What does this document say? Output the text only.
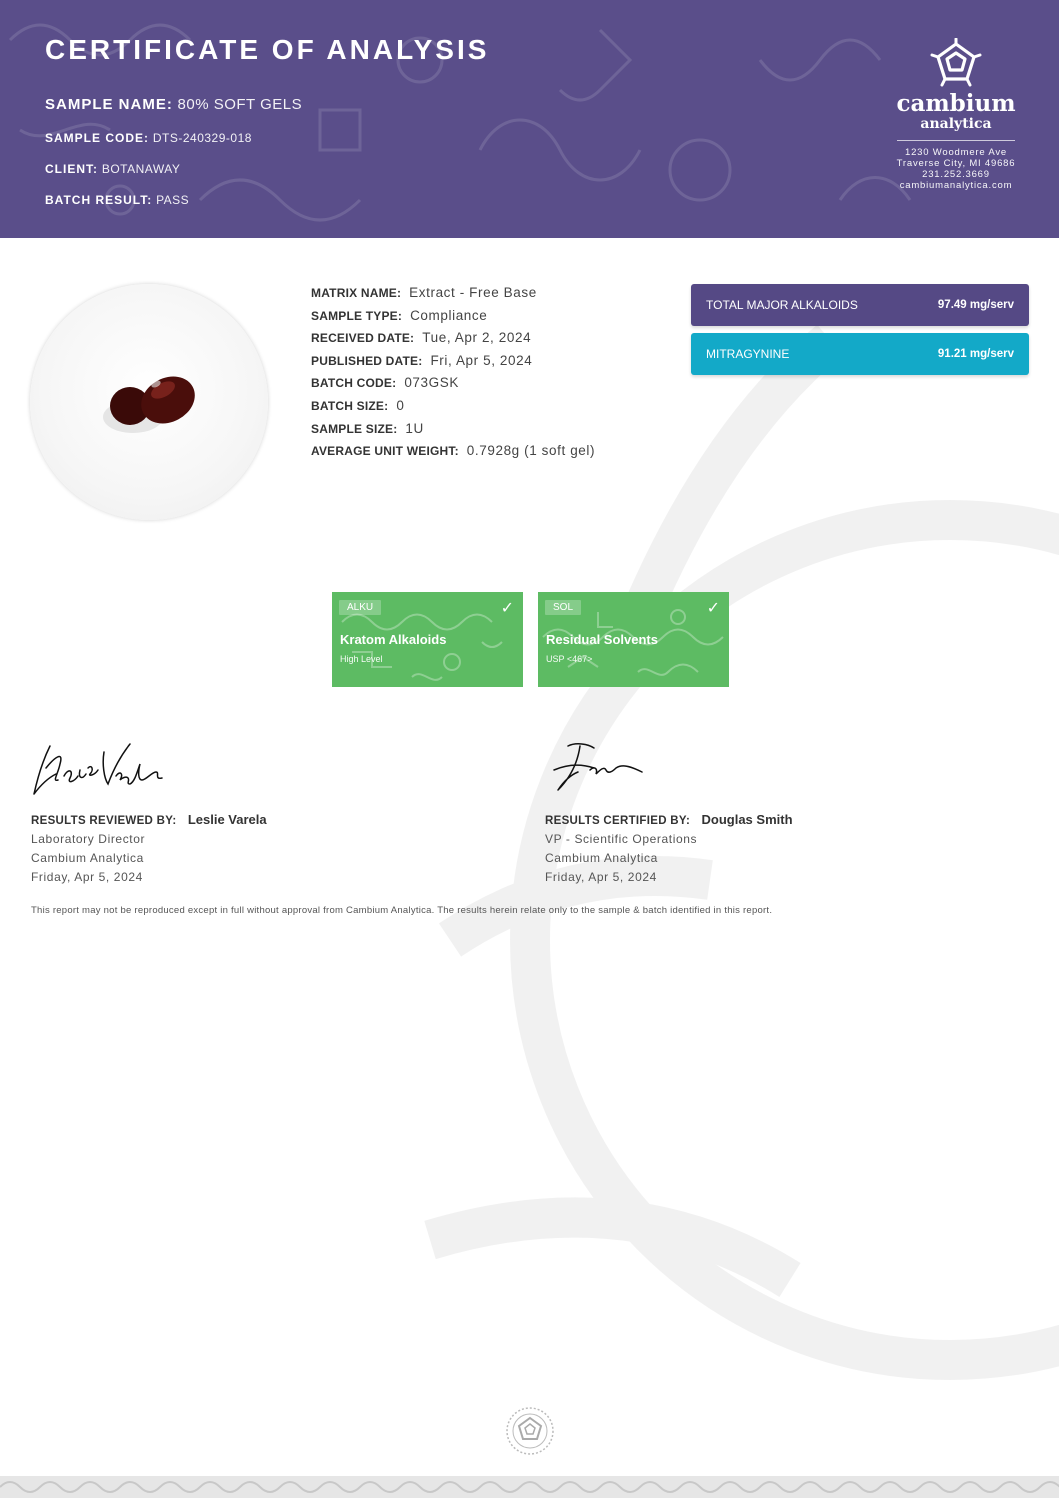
CERTIFICATE OF ANALYSIS
SAMPLE NAME: 80% SOFT GELS
SAMPLE CODE: DTS-240329-018
CLIENT: BOTANAWAY
BATCH RESULT: PASS
cambium
analytica
1230 Woodmere Ave
Traverse City, MI 49686
231.252.3669
cambiumanalytica.com
MATRIX NAME: Extract - Free Base
SAMPLE TYPE: Compliance
RECEIVED DATE: Tue, Apr 2, 2024
PUBLISHED DATE: Fri, Apr 5, 2024
BATCH CODE: 073GSK
BATCH SIZE: 0
SAMPLE SIZE: 1U
AVERAGE UNIT WEIGHT: 0.7928g (1 soft gel)
TOTAL MAJOR ALKALOIDS	97.49 mg/serv
MITRAGYNINE	91.21 mg/serv
ALKU	✓
Kratom Alkaloids
High Level
SOL	✓
Residual Solvents
USP <467>
RESULTS REVIEWED BY: Leslie Varela
Laboratory Director
Cambium Analytica
Friday, Apr 5, 2024
RESULTS CERTIFIED BY: Douglas Smith
VP - Scientific Operations
Cambium Analytica
Friday, Apr 5, 2024
This report may not be reproduced except in full without approval from Cambium Analytica. The results herein relate only to the sample & batch identified in this report.
